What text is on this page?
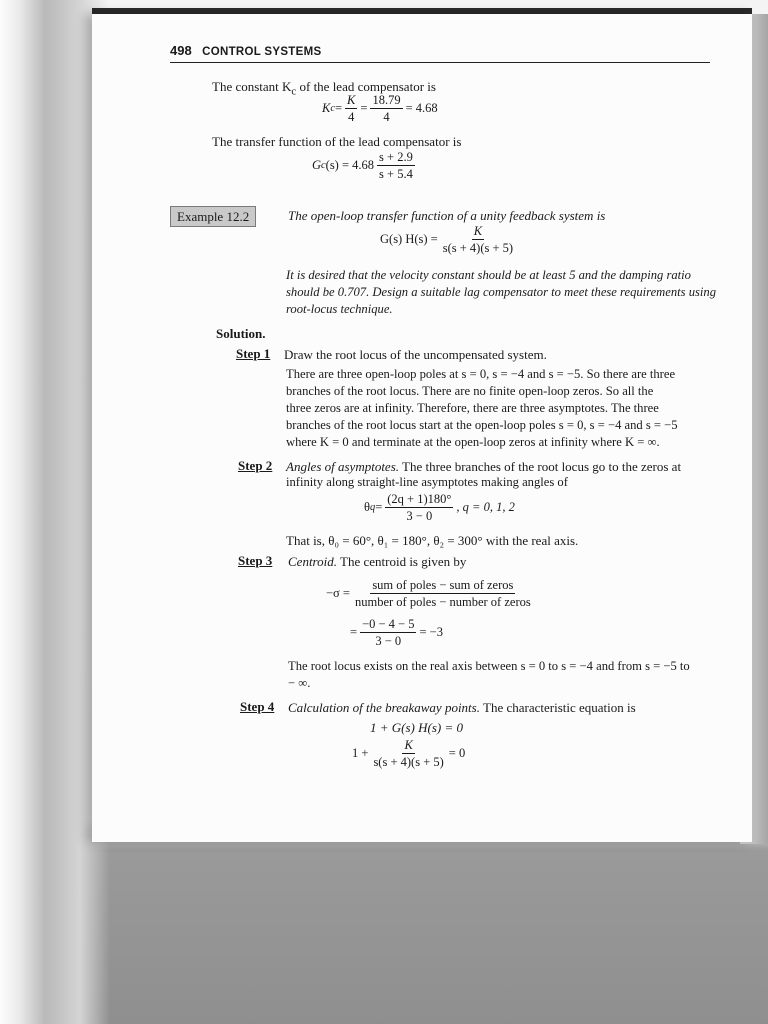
498 CONTROL SYSTEMS
The constant $K_c$ of the lead compensator is
K $c = \frac{K}{4} = \frac{18.79}{4} = 4.68$
The transfer function of the lead compensator is
G c $(s) = 4.68 \frac{s + 2.9}{s + 5.4}$
Example 12.2	The open-loop transfer function of a unity feedback system is
G(s) $H(s) = \frac{K}{s(s + 4)(s + 5)}$
It is desired that the velocity constant should be at least 5 and the damping ratio
should be 0.707. Design a suitable lag compensator to meet these requirements using
root-locus technique.
Solution.
Step 1 Draw the root locus of the uncompensated system.
There are three open-loop poles at s = 0, s = −4 and s = −5. So there are three
branches of the root locus. There are no finite open-loop zeros. So all the
three zeros are at infinity. Therefore, there are three asymptotes. The three
branches of the root locus start at the open-loop poles s = 0, s = −4 and s = −5
where K = 0 and terminate at the open-loop zeros at infinity where K = ∞.
Step 2 Angles of asymptotes. The three branches of the root locus go to the zeros at
infinity along straight-line asymptotes making angles of
θ $q = \frac{(2q + 1)180^\circ}{3 - 0}$ , q = 0, 1, 2
That is, θ₀ = 60°, θ₁ = 180°, θ₂ = 300° with the real axis.
Step 3 Centroid. The centroid is given by
$-\sigma = \frac{\text{sum of poles − sum of zeros}}{\text{number of poles − number of zeros}}$
= $\frac{-0 - 4 - 5}{3 - 0} = -3$
The root locus exists on the real axis between s = 0 to s = −4 and from s = −5 to
− ∞.
Step 4 Calculation of the breakaway points. The characteristic equation is
1 + G(s) H(s) = 0
$1 + \frac{K}{s(s + 4)(s + 5)} = 0$
